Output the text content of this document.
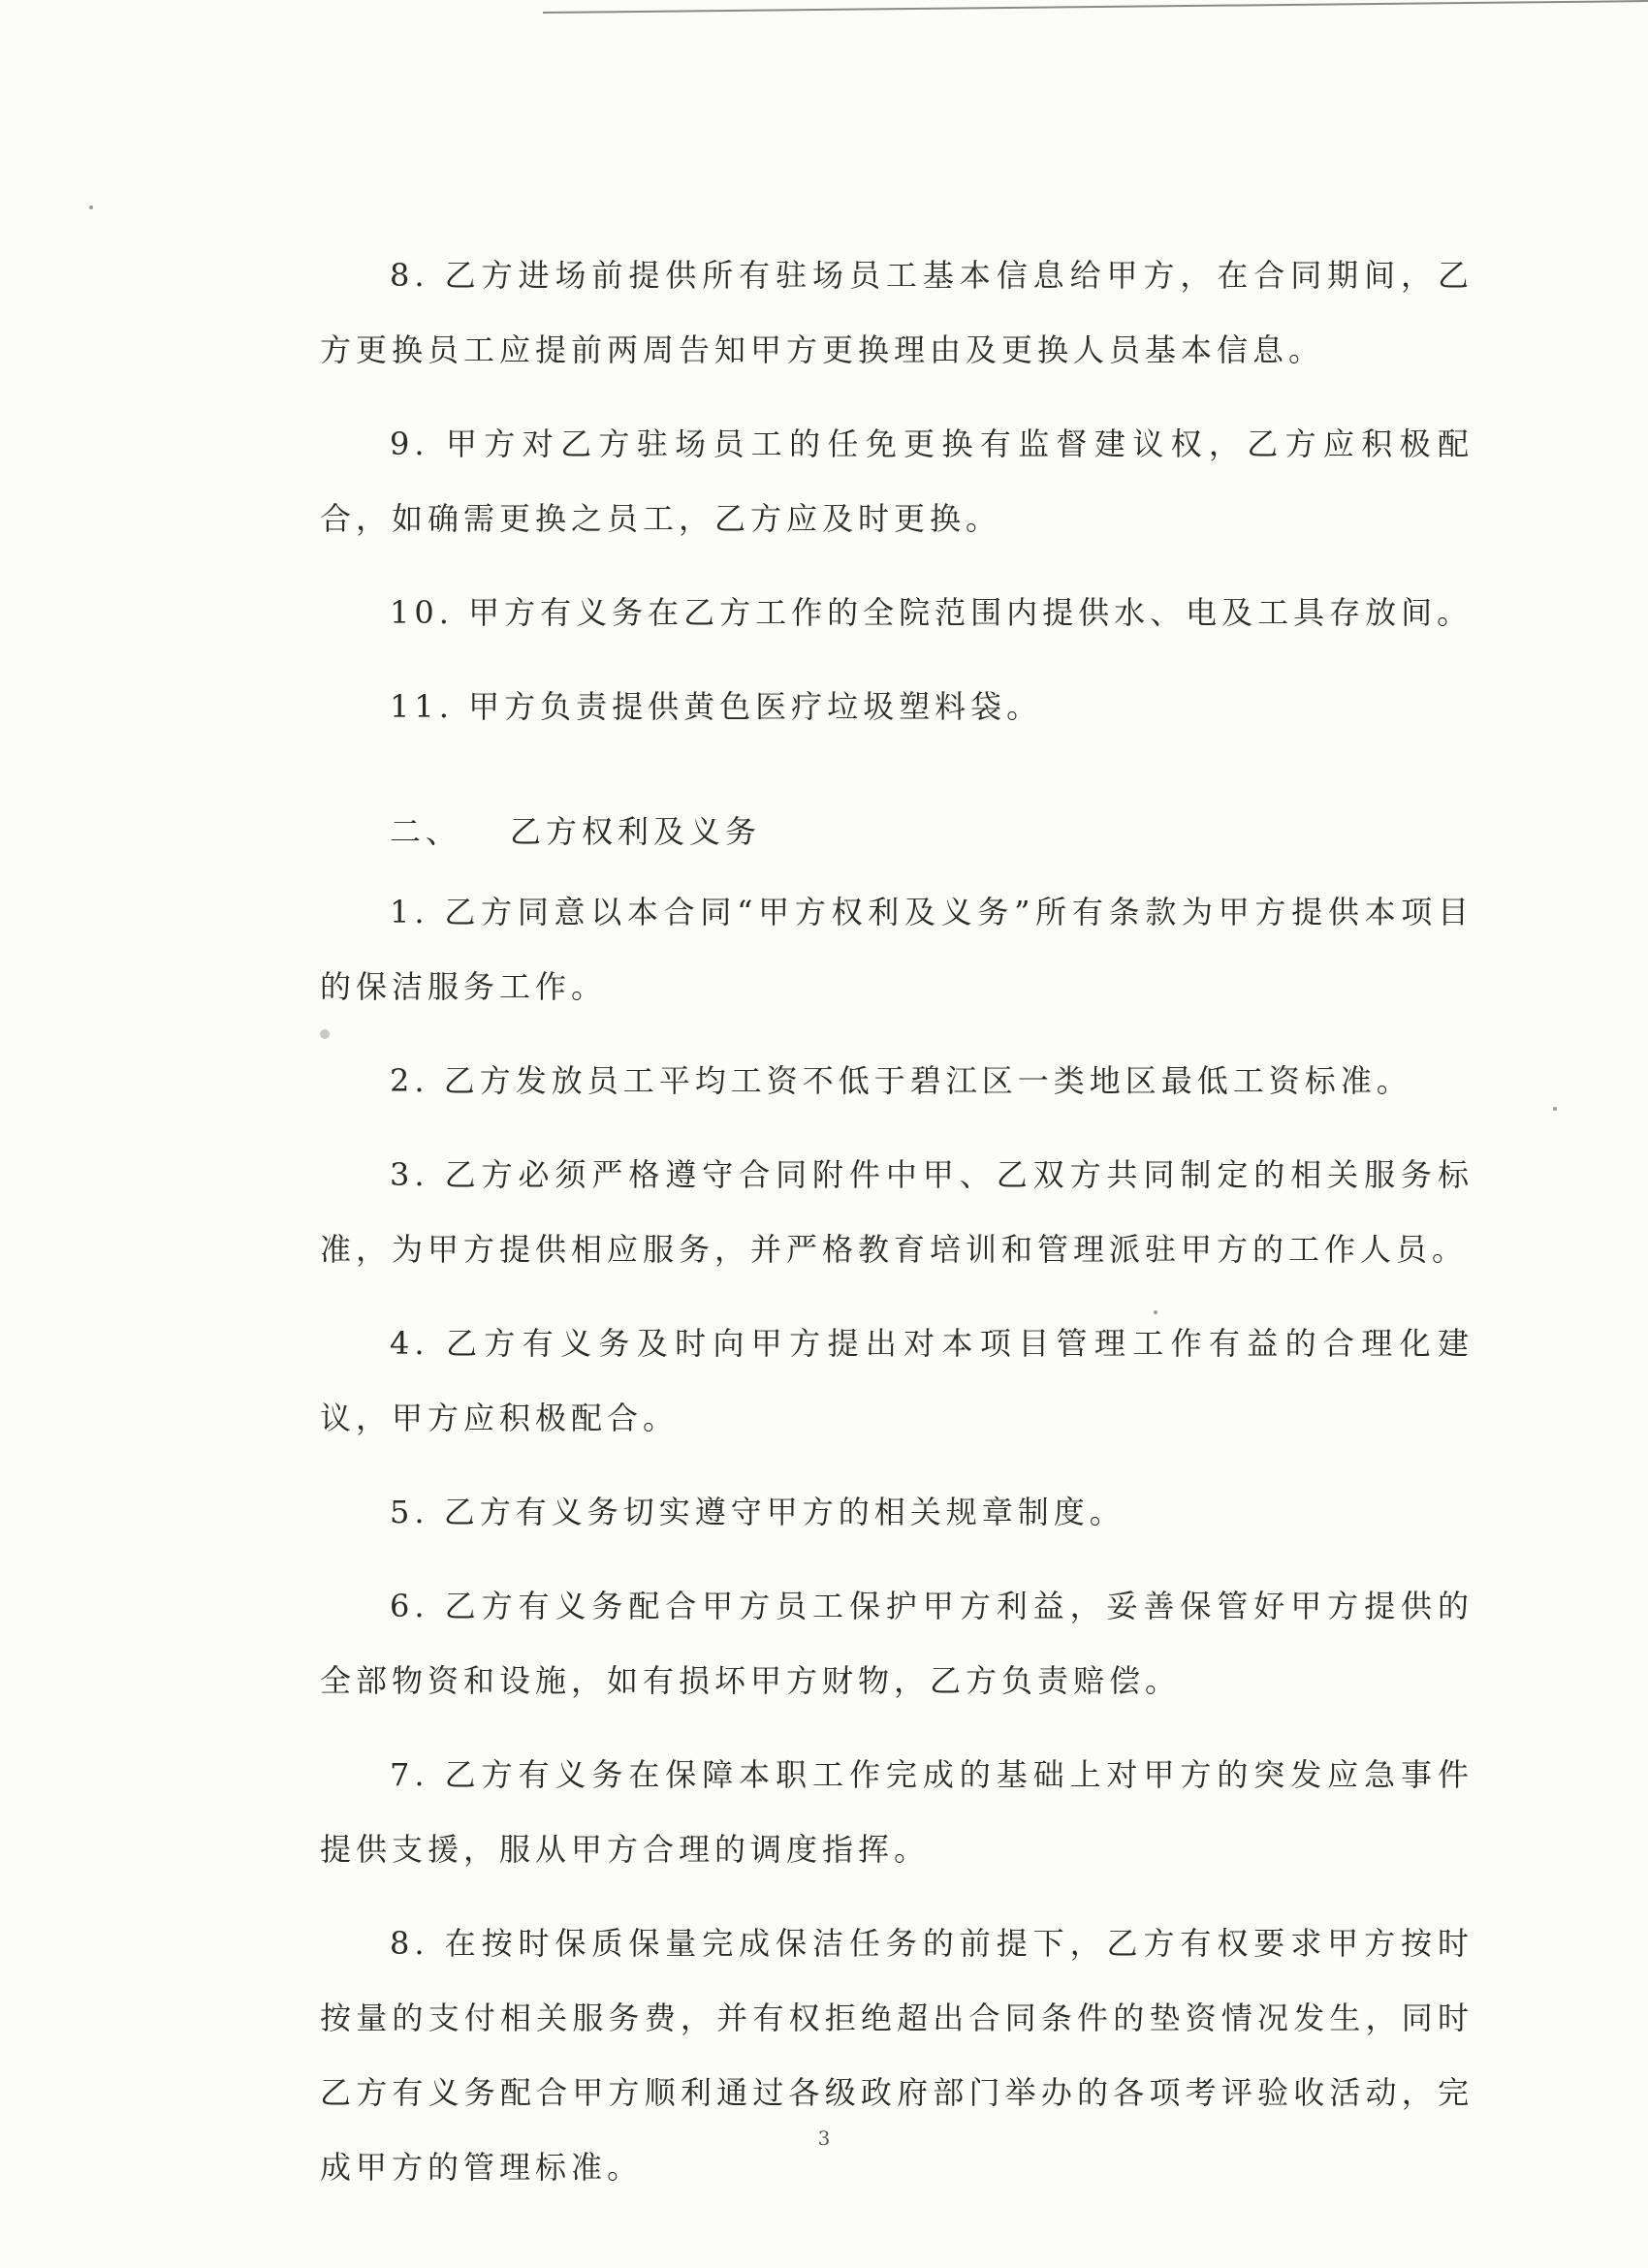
8. 乙方进场前提供所有驻场员工基本信息给甲方，在合同期间，乙方更换员工应提前两周告知甲方更换理由及更换人员基本信息。

9. 甲方对乙方驻场员工的任免更换有监督建议权，乙方应积极配合，如确需更换之员工，乙方应及时更换。

10. 甲方有义务在乙方工作的全院范围内提供水、电及工具存放间。

11. 甲方负责提供黄色医疗垃圾塑料袋。

二、 乙方权利及义务

1. 乙方同意以本合同“甲方权利及义务”所有条款为甲方提供本项目的保洁服务工作。

2. 乙方发放员工平均工资不低于碧江区一类地区最低工资标准。

3. 乙方必须严格遵守合同附件中甲、乙双方共同制定的相关服务标准，为甲方提供相应服务，并严格教育培训和管理派驻甲方的工作人员。

4. 乙方有义务及时向甲方提出对本项目管理工作有益的合理化建议，甲方应积极配合。

5. 乙方有义务切实遵守甲方的相关规章制度。

6. 乙方有义务配合甲方员工保护甲方利益，妥善保管好甲方提供的全部物资和设施，如有损坏甲方财物，乙方负责赔偿。

7. 乙方有义务在保障本职工作完成的基础上对甲方的突发应急事件提供支援，服从甲方合理的调度指挥。

8. 在按时保质保量完成保洁任务的前提下，乙方有权要求甲方按时按量的支付相关服务费，并有权拒绝超出合同条件的垫资情况发生，同时乙方有义务配合甲方顺利通过各级政府部门举办的各项考评验收活动，完成甲方的管理标准。

3
